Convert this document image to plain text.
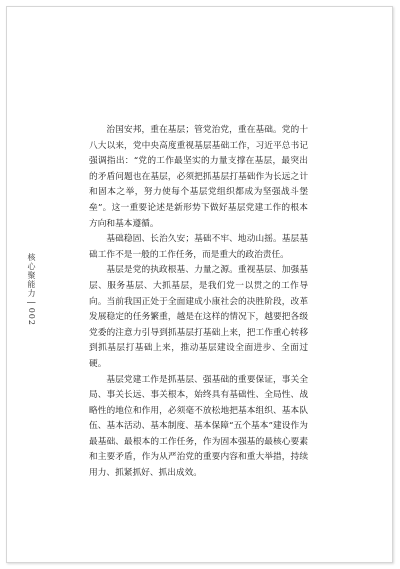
核心聚能力|002

治国安邦，重在基层；管党治党，重在基础。党的十八大以来，党中央高度重视基层基础工作，习近平总书记强调指出：“党的工作最坚实的力量支撑在基层，最突出的矛盾问题也在基层，必须把抓基层打基础作为长远之计和固本之举，努力使每个基层党组织都成为坚强战斗堡垒”。这一重要论述是新形势下做好基层党建工作的根本方向和基本遵循。

基础稳固、长治久安；基础不牢、地动山摇。基层基础工作不是一般的工作任务，而是重大的政治责任。

基层是党的执政根基、力量之源。重视基层、加强基层、服务基层、大抓基层，是我们党一以贯之的工作导向。当前我国正处于全面建成小康社会的决胜阶段，改革发展稳定的任务繁重，越是在这样的情况下，越要把各级党委的注意力引导到抓基层打基础上来，把工作重心转移到抓基层打基础上来，推动基层建设全面进步、全面过硬。

基层党建工作是抓基层、强基础的重要保证，事关全局、事关长远、事关根本，始终具有基础性、全局性、战略性的地位和作用，必须毫不放松地把基本组织、基本队伍、基本活动、基本制度、基本保障“五个基本”建设作为最基础、最根本的工作任务，作为固本强基的最核心要素和主要矛盾，作为从严治党的重要内容和重大举措，持续用力、抓紧抓好、抓出成效。
